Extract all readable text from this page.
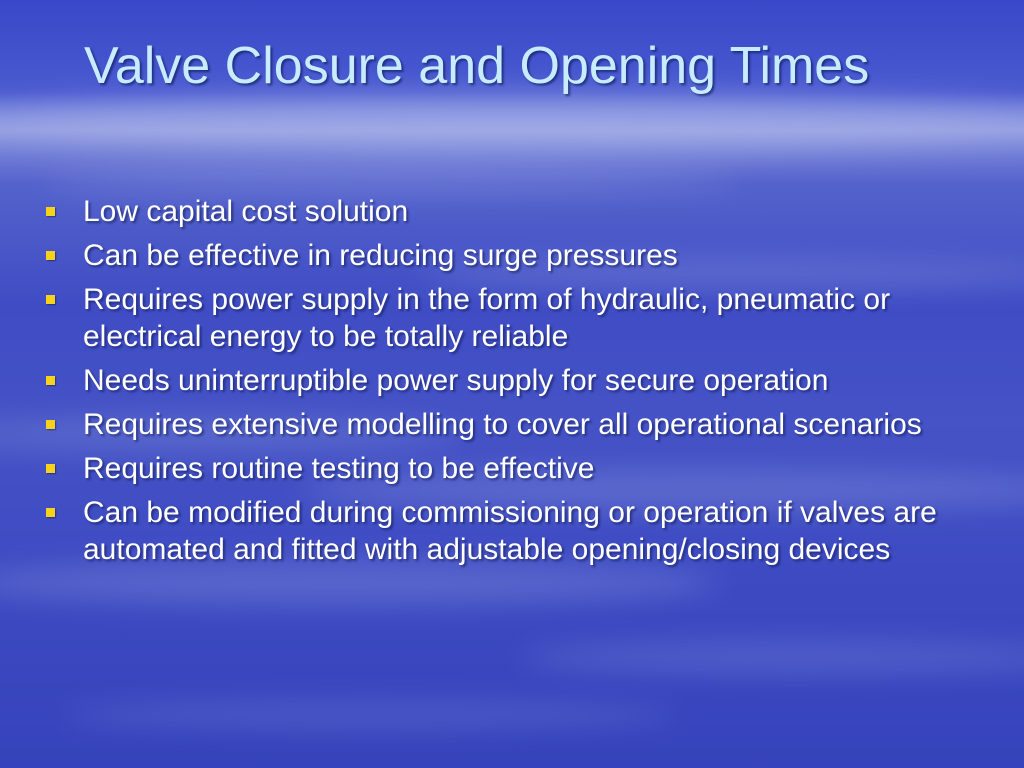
Valve Closure and Opening Times
Low capital cost solution
Can be effective in reducing surge pressures
Requires power supply in the form of hydraulic, pneumatic or electrical energy to be totally reliable
Needs uninterruptible power supply for secure operation
Requires extensive modelling to cover all operational scenarios
Requires routine testing to be effective
Can be modified during commissioning or operation if valves are automated and fitted with adjustable opening/closing devices
